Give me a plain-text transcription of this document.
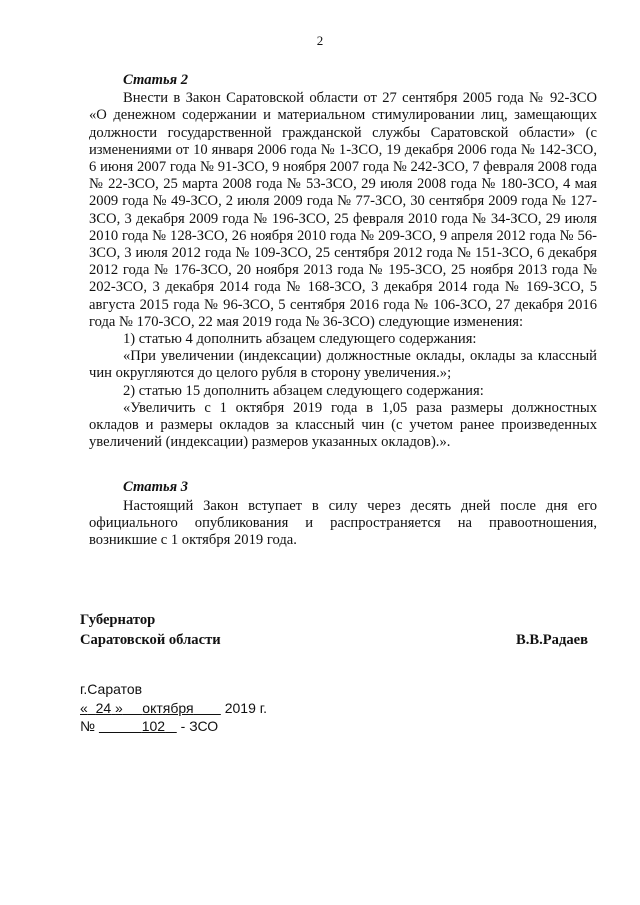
2
Статья 2

Внести в Закон Саратовской области от 27 сентября 2005 года № 92-ЗСО «О денежном содержании и материальном стимулировании лиц, замещающих должности государственной гражданской службы Саратовской области» (с изменениями от 10 января 2006 года № 1-ЗСО, 19 декабря 2006 года № 142-ЗСО, 6 июня 2007 года № 91-ЗСО, 9 ноября 2007 года № 242-ЗСО, 7 февраля 2008 года № 22-ЗСО, 25 марта 2008 года № 53-ЗСО, 29 июля 2008 года № 180-ЗСО, 4 мая 2009 года № 49-ЗСО, 2 июля 2009 года № 77-ЗСО, 30 сентября 2009 года № 127-ЗСО, 3 декабря 2009 года № 196-ЗСО, 25 февраля 2010 года № 34-ЗСО, 29 июля 2010 года № 128-ЗСО, 26 ноября 2010 года № 209-ЗСО, 9 апреля 2012 года № 56-ЗСО, 3 июля 2012 года № 109-ЗСО, 25 сентября 2012 года № 151-ЗСО, 6 декабря 2012 года № 176-ЗСО, 20 ноября 2013 года № 195-ЗСО, 25 ноября 2013 года № 202-ЗСО, 3 декабря 2014 года № 168-ЗСО, 3 декабря 2014 года № 169-ЗСО, 5 августа 2015 года № 96-ЗСО, 5 сентября 2016 года № 106-ЗСО, 27 декабря 2016 года № 170-ЗСО, 22 мая 2019 года № 36-ЗСО) следующие изменения:

1) статью 4 дополнить абзацем следующего содержания:

«При увеличении (индексации) должностные оклады, оклады за классный чин округляются до целого рубля в сторону увеличения.»;

2) статью 15 дополнить абзацем следующего содержания:

«Увеличить с 1 октября 2019 года в 1,05 раза размеры должностных окладов и размеры окладов за классный чин (с учетом ранее произведенных увеличений (индексации) размеров указанных окладов).».

Статья 3

Настоящий Закон вступает в силу через десять дней после дня его официального опубликования и распространяется на правоотношения, возникшие с 1 октября 2019 года.

Губернатор
Саратовской области	В.В.Радаев
г.Саратов
« 24 » октября 2019 г.
№	102 - ЗСО
